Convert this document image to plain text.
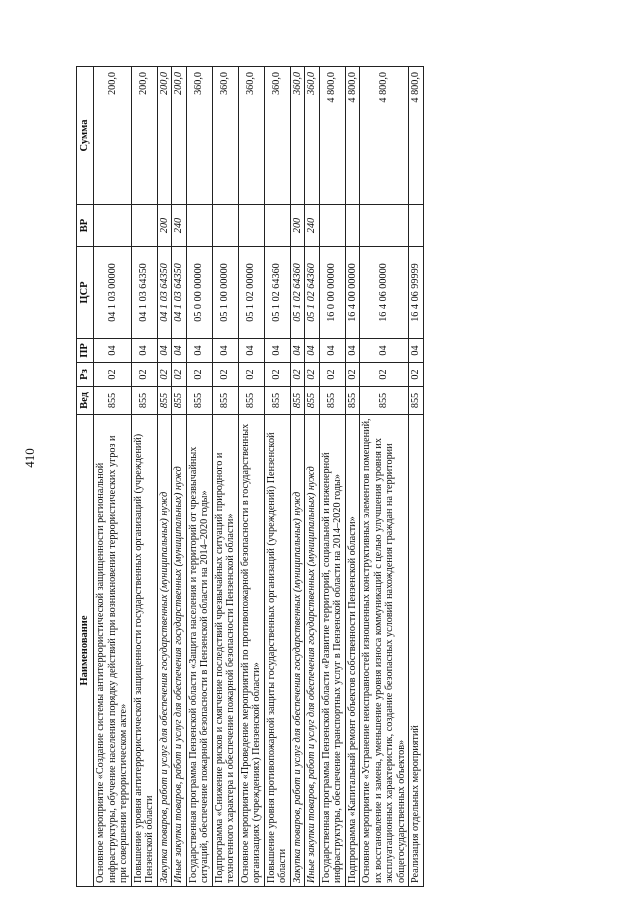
410
Наименование	Вед	Рз	ПР	ЦСР	ВР	Сумма
Основное мероприятие «Создание системы антитеррористической защищенности региональной инфраструктуры, обучение населения порядку действий при возникновении террористических угроз и при совершении террористическом акте»	855	02	04	04 1 03 00000		200,0
Повышение уровня антитеррористической защищенности государственных организаций (учреждений) Пензенской области	855	02	04	04 1 03 64350		200,0
Закупка товаров, работ и услуг для обеспечения государственных (муниципальных) нужд	855	02	04	04 1 03 64350	200	200,0
Иные закупки товаров, работ и услуг для обеспечения государственных (муниципальных) нужд	855	02	04	04 1 03 64350	240	200,0
Государственная программа Пензенской области «Защита населения и территорий от чрезвычайных ситуаций, обеспечение пожарной безопасности в Пензенской области на 2014–2020 годы»	855	02	04	05 0 00 00000		360,0
Подпрограмма «Снижение рисков и смягчение последствий чрезвычайных ситуаций природного и техногенного характера и обеспечение пожарной безопасности Пензенской области»	855	02	04	05 1 00 00000		360,0
Основное мероприятие «Проведение мероприятий по противопожарной безопасности в государственных организациях (учреждениях) Пензенской области»	855	02	04	05 1 02 00000		360,0
Повышение уровня противопожарной защиты государственных организаций (учреждений) Пензенской области	855	02	04	05 1 02 64360		360,0
Закупка товаров, работ и услуг для обеспечения государственных (муниципальных) нужд	855	02	04	05 1 02 64360	200	360,0
Иные закупки товаров, работ и услуг для обеспечения государственных (муниципальных) нужд	855	02	04	05 1 02 64360	240	360,0
Государственная программа Пензенской области «Развитие территорий, социальной и инженерной инфраструктуры, обеспечение транспортных услуг в Пензенской области на 2014–2020 годы»	855	02	04	16 0 00 00000		4 800,0
Подпрограмма «Капитальный ремонт объектов собственности Пензенской области»	855	02	04	16 4 00 00000		4 800,0
Основное мероприятие «Устранение неисправностей изношенных конструктивных элементов помещений, их восстановление и замена, уменьшение уровня износа коммуникаций с целью улучшения уровня их эксплуатационных характеристик, создание безопасных условий нахождения граждан на территории общегосударственных объектов»	855	02	04	16 4 06 00000		4 800,0
Реализация отдельных мероприятий	855	02	04	16 4 06 99999		4 800,0
